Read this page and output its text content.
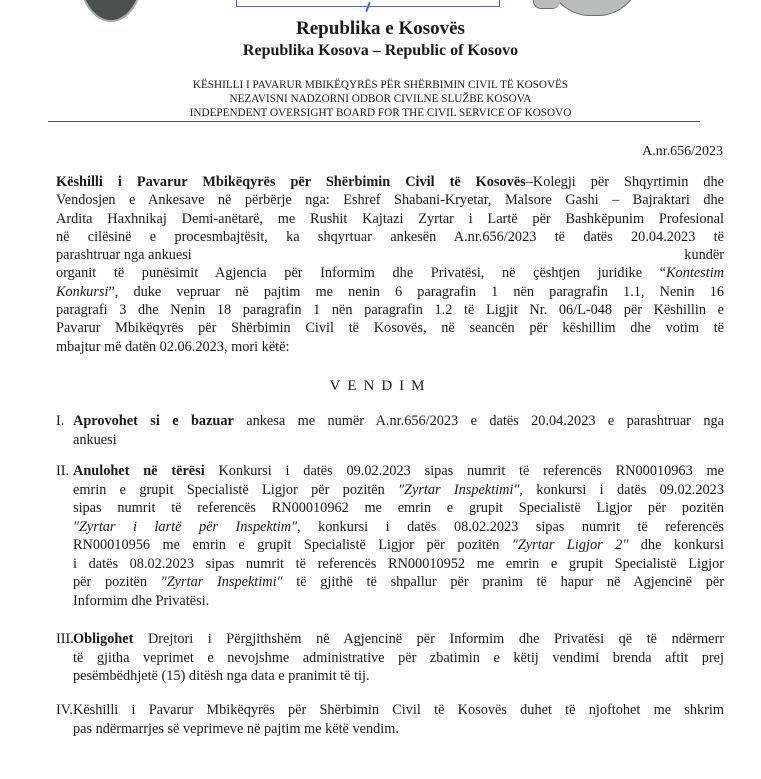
Republika e Kosovës
Republika Kosova – Republic of Kosovo
KËSHILLI I PAVARUR MBIKËQYRËS PËR SHËRBIMIN CIVIL TË KOSOVËS
NEZAVISNI NADZORNI ODBOR CIVILNE SLUŽBE KOSOVA
INDEPENDENT OVERSIGHT BOARD FOR THE CIVIL SERVICE OF KOSOVO
A.nr.656/2023
Këshilli i Pavarur Mbikëqyrës për Shërbimin Civil të Kosovës–Kolegji për Shqyrtimin dhe
Vendosjen e Ankesave në përbërje nga: Eshref Shabani-Kryetar, Malsore Gashi – Bajraktari dhe
Ardita Haxhnikaj Demi-anëtarë, me Rushit Kajtazi Zyrtar i Lartë për Bashkëpunim Profesional
në cilësinë e procesmbajtësit, ka shqyrtuar ankesën A.nr.656/2023 të datës 20.04.2023 të
parashtruar nga ankuesi	kundër
organit të punësimit Agjencia për Informim dhe Privatësi, në çështjen juridike “Kontestim
Konkursi”, duke vepruar në pajtim me nenin 6 paragrafin 1 nën paragrafin 1.1, Nenin 16
paragrafi 3 dhe Nenin 18 paragrafin 1 nën paragrafin 1.2 të Ligjit Nr. 06/L-048 për Këshillin e
Pavarur Mbikëqyrës për Shërbimin Civil të Kosovës, në seancën për këshillim dhe votim të
mbajtur më datën 02.06.2023, mori këtë:
VENDIM
I. Aprovohet si e bazuar ankesa me numër A.nr.656/2023 e datës 20.04.2023 e parashtruar nga
ankuesi
II. Anulohet në tërësi Konkursi i datës 09.02.2023 sipas numrit të referencës RN00010963 me
emrin e grupit Specialistë Ligjor për pozitën ″Zyrtar Inspektimi″, konkursi i datës 09.02.2023
sipas numrit të referencës RN00010962 me emrin e grupit Specialistë Ligjor për pozitën
″Zyrtar i lartë për Inspektim″, konkursi i datës 08.02.2023 sipas numrit të referencës
RN00010956 me emrin e grupit Specialistë Ligjor për pozitën ″Zyrtar Ligjor 2″ dhe konkursi
i datës 08.02.2023 sipas numrit të referencës RN00010952 me emrin e grupit Specialistë Ligjor
për pozitën ″Zyrtar Inspektimi″ të gjithë të shpallur për pranim të hapur në Agjencinë për
Informim dhe Privatësi.
III. Obligohet Drejtori i Përgjithshëm në Agjencinë për Informim dhe Privatësi që të ndërmerr
të gjitha veprimet e nevojshme administrative për zbatimin e këtij vendimi brenda aftit prej
pesëmbëdhjetë (15) ditësh nga data e pranimit të tij.
IV. Këshilli i Pavarur Mbikëqyrës për Shërbimin Civil të Kosovës duhet të njoftohet me shkrim
pas ndërmarrjes së veprimeve në pajtim me këtë vendim.
